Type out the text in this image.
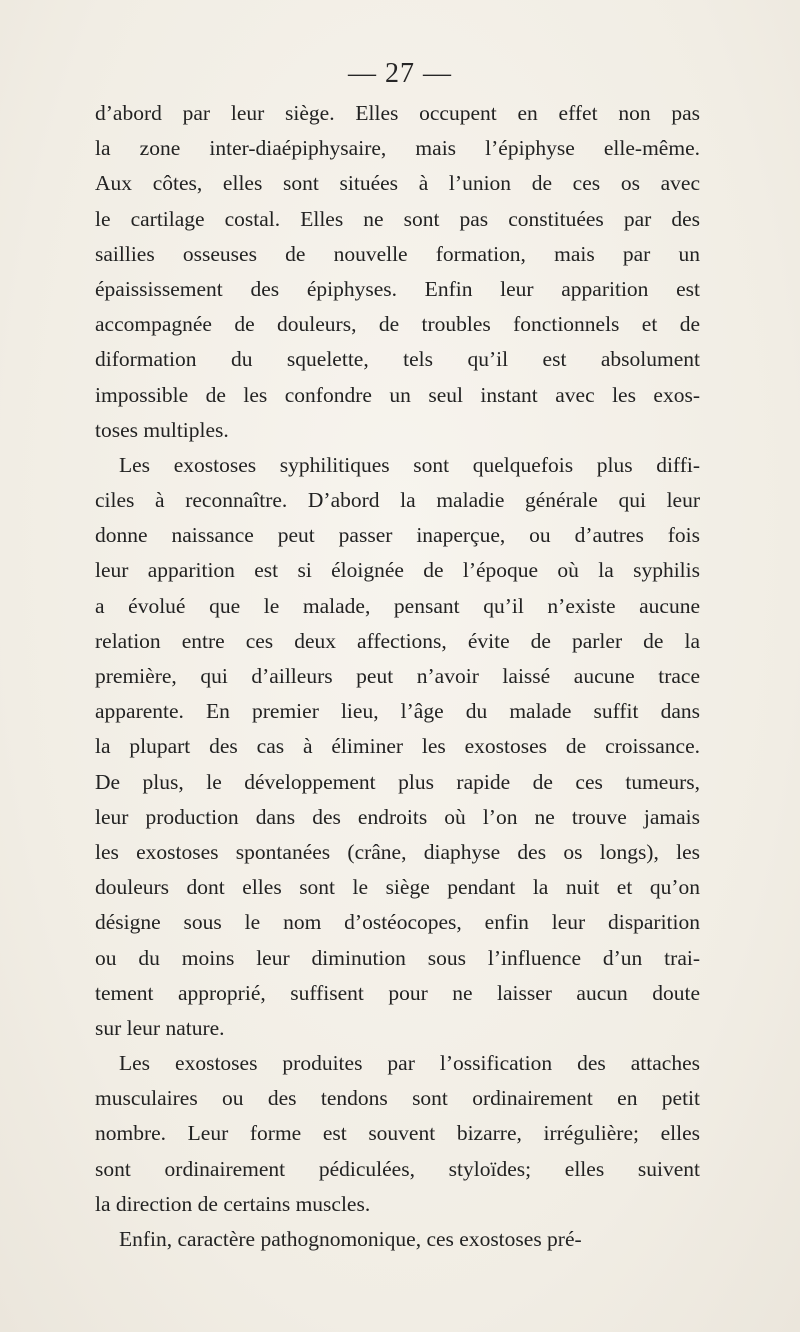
— 27 —
d’abord par leur siège. Elles occupent en effet non pas
la zone inter-diaépiphysaire, mais l’épiphyse elle-même.
Aux côtes, elles sont situées à l’union de ces os avec
le cartilage costal. Elles ne sont pas constituées par des
saillies osseuses de nouvelle formation, mais par un
épaississement des épiphyses. Enfin leur apparition est
accompagnée de douleurs, de troubles fonctionnels et de
diformation du squelette, tels qu’il est absolument
impossible de les confondre un seul instant avec les exos-
toses multiples.
Les exostoses syphilitiques sont quelquefois plus diffi-
ciles à reconnaître. D’abord la maladie générale qui leur
donne naissance peut passer inaperçue, ou d’autres fois
leur apparition est si éloignée de l’époque où la syphilis
a évolué que le malade, pensant qu’il n’existe aucune
relation entre ces deux affections, évite de parler de la
première, qui d’ailleurs peut n’avoir laissé aucune trace
apparente. En premier lieu, l’âge du malade suffit dans
la plupart des cas à éliminer les exostoses de croissance.
De plus, le développement plus rapide de ces tumeurs,
leur production dans des endroits où l’on ne trouve jamais
les exostoses spontanées (crâne, diaphyse des os longs), les
douleurs dont elles sont le siège pendant la nuit et qu’on
désigne sous le nom d’ostéocopes, enfin leur disparition
ou du moins leur diminution sous l’influence d’un trai-
tement approprié, suffisent pour ne laisser aucun doute
sur leur nature.
Les exostoses produites par l’ossification des attaches
musculaires ou des tendons sont ordinairement en petit
nombre. Leur forme est souvent bizarre, irrégulière; elles
sont ordinairement pédiculées, styloïdes; elles suivent
la direction de certains muscles.
Enfin, caractère pathognomonique, ces exostoses pré-
